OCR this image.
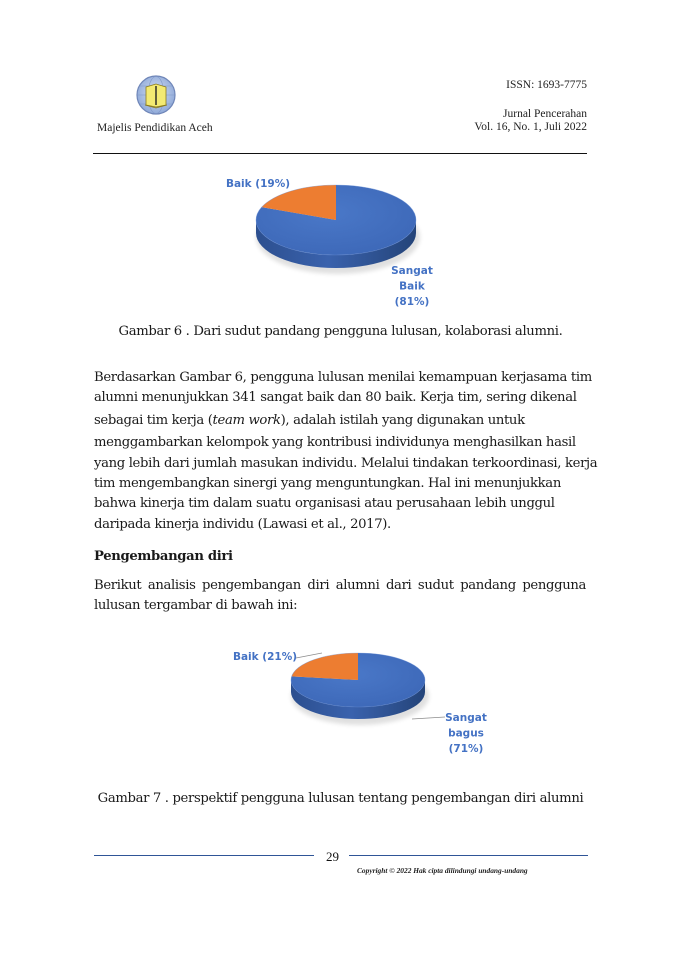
Majelis Pendidikan Aceh
ISSN: 1693-7775
Jurnal Pencerahan
Vol. 16, No. 1, Juli 2022
Sangat Baik (81%)
Baik (19%)
Sangat bagus (71%)
Baik (21%)
Gambar 6 . Dari sudut pandang pengguna lulusan, kolaborasi alumni.

Berdasarkan Gambar 6, pengguna lulusan menilai kemampuan kerjasama tim

alumni menunjukkan 341 sangat baik dan 80 baik. Kerja tim, sering dikenal

sebagai tim kerja (team work), adalah istilah yang digunakan untuk

menggambarkan kelompok yang kontribusi individunya menghasilkan hasil

yang lebih dari jumlah masukan individu. Melalui tindakan terkoordinasi, kerja

tim mengembangkan sinergi yang menguntungkan. Hal ini menunjukkan

bahwa kinerja tim dalam suatu organisasi atau perusahaan lebih unggul

daripada kinerja individu (Lawasi et al., 2017).

Pengembangan diri

Berikut analisis pengembangan diri alumni dari sudut pandang pengguna lulusan tergambar di bawah ini:

Gambar 7 . perspektif pengguna lulusan tentang pengembangan diri alumni
29
Copyright © 2022 Hak cipta dilindungi undang-undang
